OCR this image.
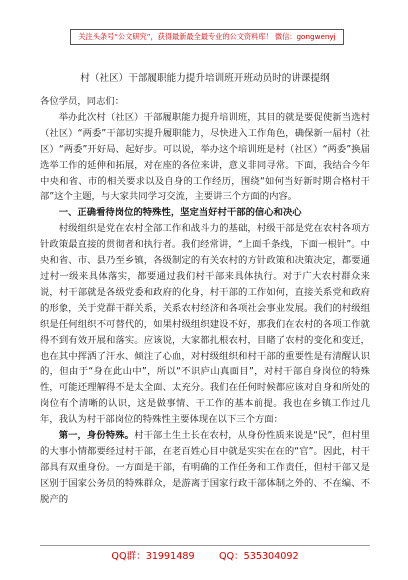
关注头条号“公文研究”，获得最新最全最专业的公文资料库！ 微信：gongwenyj
村（社区）干部履职能力提升培训班开班动员时的讲课提纲

各位学员，同志们：

举办此次村（社区）干部履职能力提升培训班，其目的就是要促使新当选村（社区）“两委”干部切实提升履职能力，尽快进入工作角色，确保新一届村（社区）“两委”开好局、起好步。可以说，举办这个培训班是村（社区）“两委”换届选举工作的延伸和拓展，对在座的各位来讲，意义非同寻常。下面，我结合今年中央和省、市的相关要求以及自身的工作经历，围绕“如何当好新时期合格村干部”这个主题，与大家共同学习交流，主要讲三个方面的内容。

一、正确看待岗位的特殊性，坚定当好村干部的信心和决心

村级组织是党在农村全部工作和战斗力的基础，村级干部是党在农村各项方针政策最直接的贯彻者和执行者。我们经常讲，“上面千条线，下面一根针”。中央和省、市、县乃至乡镇，各级制定的有关农村的方针政策和决策决定，都要通过村一级来具体落实，都要通过我们村干部来具体执行。对于广大农村群众来说，村干部就是各级党委和政府的化身，村干部的工作如何，直接关系党和政府的形象，关于党群干群关系，关系农村经济和各项社会事业发展。我们的村级组织是任何组织不可替代的，如果村级组织建设不好，那我们在农村的各项工作就得不到有效开展和落实。应该说，大家都扎根农村，目睹了农村的变化和变迁，也在其中挥洒了汗水、倾注了心血，对村级组织和村干部的重要性是有清醒认识的，但由于“身在此山中”，所以“不识庐山真面目”，对村干部自身岗位的特殊性，可能还理解得不是太全面、太充分。我们在任何时候都应该对自身和所处的岗位有个清晰的认识，这是做事情、干工作的基本前提。我也在乡镇工作过几年，我认为村干部岗位的特殊性主要体现在以下三个方面：

第一，身份特殊。村干部土生土长在农村，从身份性质来说是“民”，但村里的大事小情都要经过村干部，在老百姓心目中就是实实在在的“官”。因此，村干部具有双重身份。一方面是干部，有明确的工作任务和工作责任，但村干部又是区别于国家公务员的特殊群众，是游离于国家行政干部体制之外的、不在编、不脱产的

QQ群：31991489        QQ：535304092
